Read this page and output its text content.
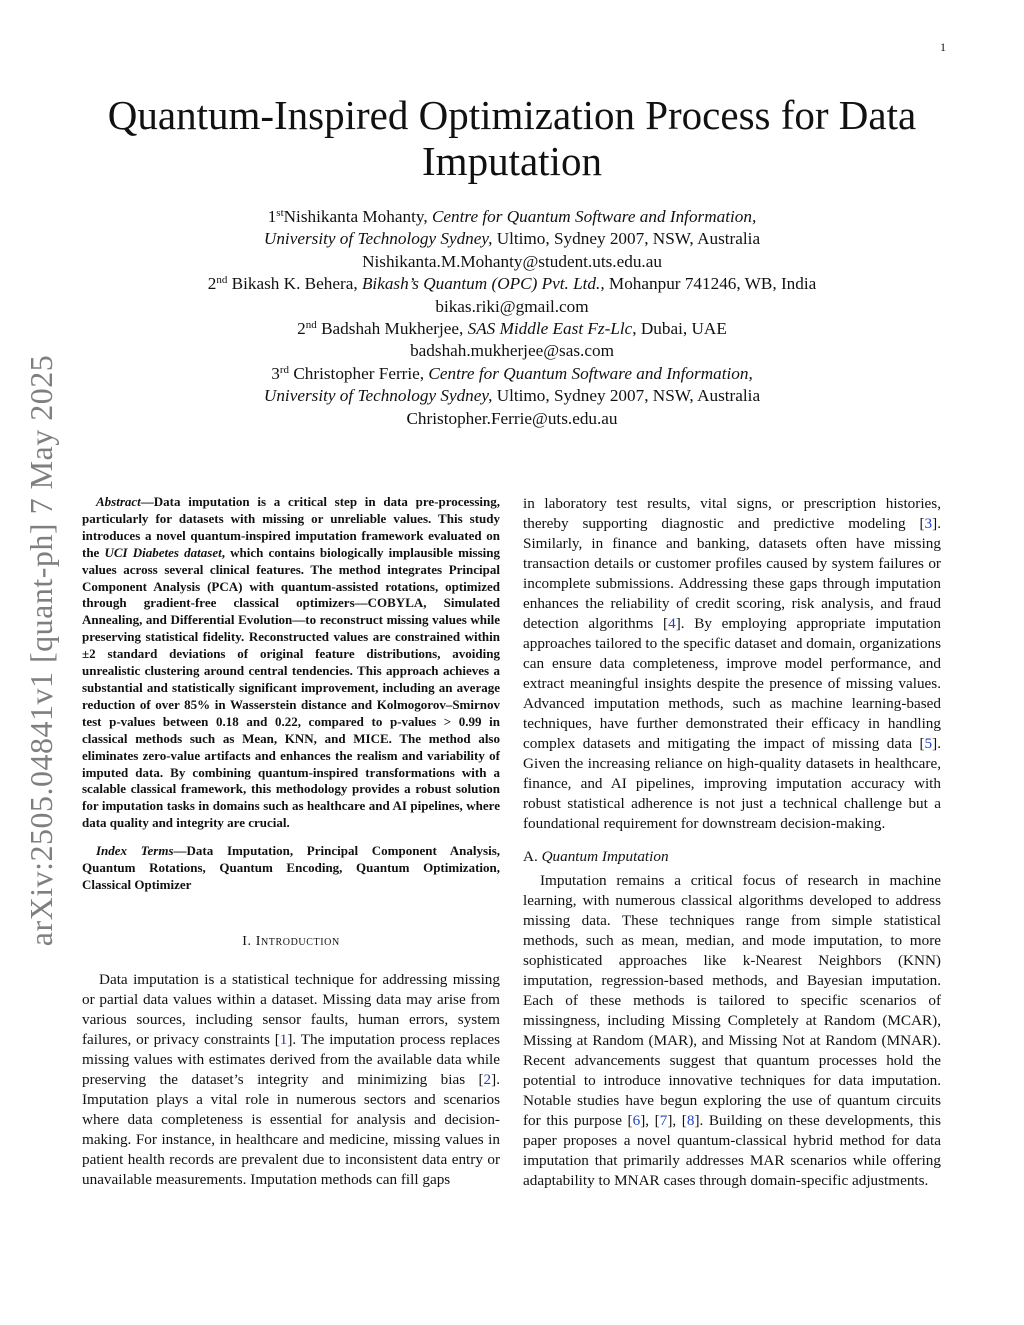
1
arXiv:2505.04841v1 [quant-ph] 7 May 2025
Quantum-Inspired Optimization Process for Data Imputation
1stNishikanta Mohanty, Centre for Quantum Software and Information,
University of Technology Sydney, Ultimo, Sydney 2007, NSW, Australia
Nishikanta.M.Mohanty@student.uts.edu.au
2nd Bikash K. Behera, Bikash’s Quantum (OPC) Pvt. Ltd., Mohanpur 741246, WB, India
bikas.riki@gmail.com
2nd Badshah Mukherjee, SAS Middle East Fz-Llc, Dubai, UAE
badshah.mukherjee@sas.com
3rd Christopher Ferrie, Centre for Quantum Software and Information,
University of Technology Sydney, Ultimo, Sydney 2007, NSW, Australia
Christopher.Ferrie@uts.edu.au

Abstract—Data imputation is a critical step in data pre-processing, particularly for datasets with missing or unreliable values. This study introduces a novel quantum-inspired imputation framework evaluated on the UCI Diabetes dataset, which contains biologically implausible missing values across several clinical features. The method integrates Principal Component Analysis (PCA) with quantum-assisted rotations, optimized through gradient-free classical optimizers—COBYLA, Simulated Annealing, and Differential Evolution—to reconstruct missing values while preserving statistical fidelity. Reconstructed values are constrained within ±2 standard deviations of original feature distributions, avoiding unrealistic clustering around central tendencies. This approach achieves a substantial and statistically significant improvement, including an average reduction of over 85% in Wasserstein distance and Kolmogorov–Smirnov test p-values between 0.18 and 0.22, compared to p-values > 0.99 in classical methods such as Mean, KNN, and MICE. The method also eliminates zero-value artifacts and enhances the realism and variability of imputed data. By combining quantum-inspired transformations with a scalable classical framework, this methodology provides a robust solution for imputation tasks in domains such as healthcare and AI pipelines, where data quality and integrity are crucial.

Index Terms—Data Imputation, Principal Component Analysis, Quantum Rotations, Quantum Encoding, Quantum Optimization, Classical Optimizer

I. Introduction

Data imputation is a statistical technique for addressing missing or partial data values within a dataset. Missing data may arise from various sources, including sensor faults, human errors, system failures, or privacy constraints [1]. The imputation process replaces missing values with estimates derived from the available data while preserving the dataset’s integrity and minimizing bias [2]. Imputation plays a vital role in numerous sectors and scenarios where data completeness is essential for analysis and decision-making. For instance, in healthcare and medicine, missing values in patient health records are prevalent due to inconsistent data entry or unavailable measurements. Imputation methods can fill gaps

in laboratory test results, vital signs, or prescription histories, thereby supporting diagnostic and predictive modeling [3]. Similarly, in finance and banking, datasets often have missing transaction details or customer profiles caused by system failures or incomplete submissions. Addressing these gaps through imputation enhances the reliability of credit scoring, risk analysis, and fraud detection algorithms [4]. By employing appropriate imputation approaches tailored to the specific dataset and domain, organizations can ensure data completeness, improve model performance, and extract meaningful insights despite the presence of missing values. Advanced imputation methods, such as machine learning-based techniques, have further demonstrated their efficacy in handling complex datasets and mitigating the impact of missing data [5]. Given the increasing reliance on high-quality datasets in healthcare, finance, and AI pipelines, improving imputation accuracy with robust statistical adherence is not just a technical challenge but a foundational requirement for downstream decision-making.

A. Quantum Imputation

Imputation remains a critical focus of research in machine learning, with numerous classical algorithms developed to address missing data. These techniques range from simple statistical methods, such as mean, median, and mode imputation, to more sophisticated approaches like k-Nearest Neighbors (KNN) imputation, regression-based methods, and Bayesian imputation. Each of these methods is tailored to specific scenarios of missingness, including Missing Completely at Random (MCAR), Missing at Random (MAR), and Missing Not at Random (MNAR). Recent advancements suggest that quantum processes hold the potential to introduce innovative techniques for data imputation. Notable studies have begun exploring the use of quantum circuits for this purpose [6], [7], [8]. Building on these developments, this paper proposes a novel quantum-classical hybrid method for data imputation that primarily addresses MAR scenarios while offering adaptability to MNAR cases through domain-specific adjustments.
